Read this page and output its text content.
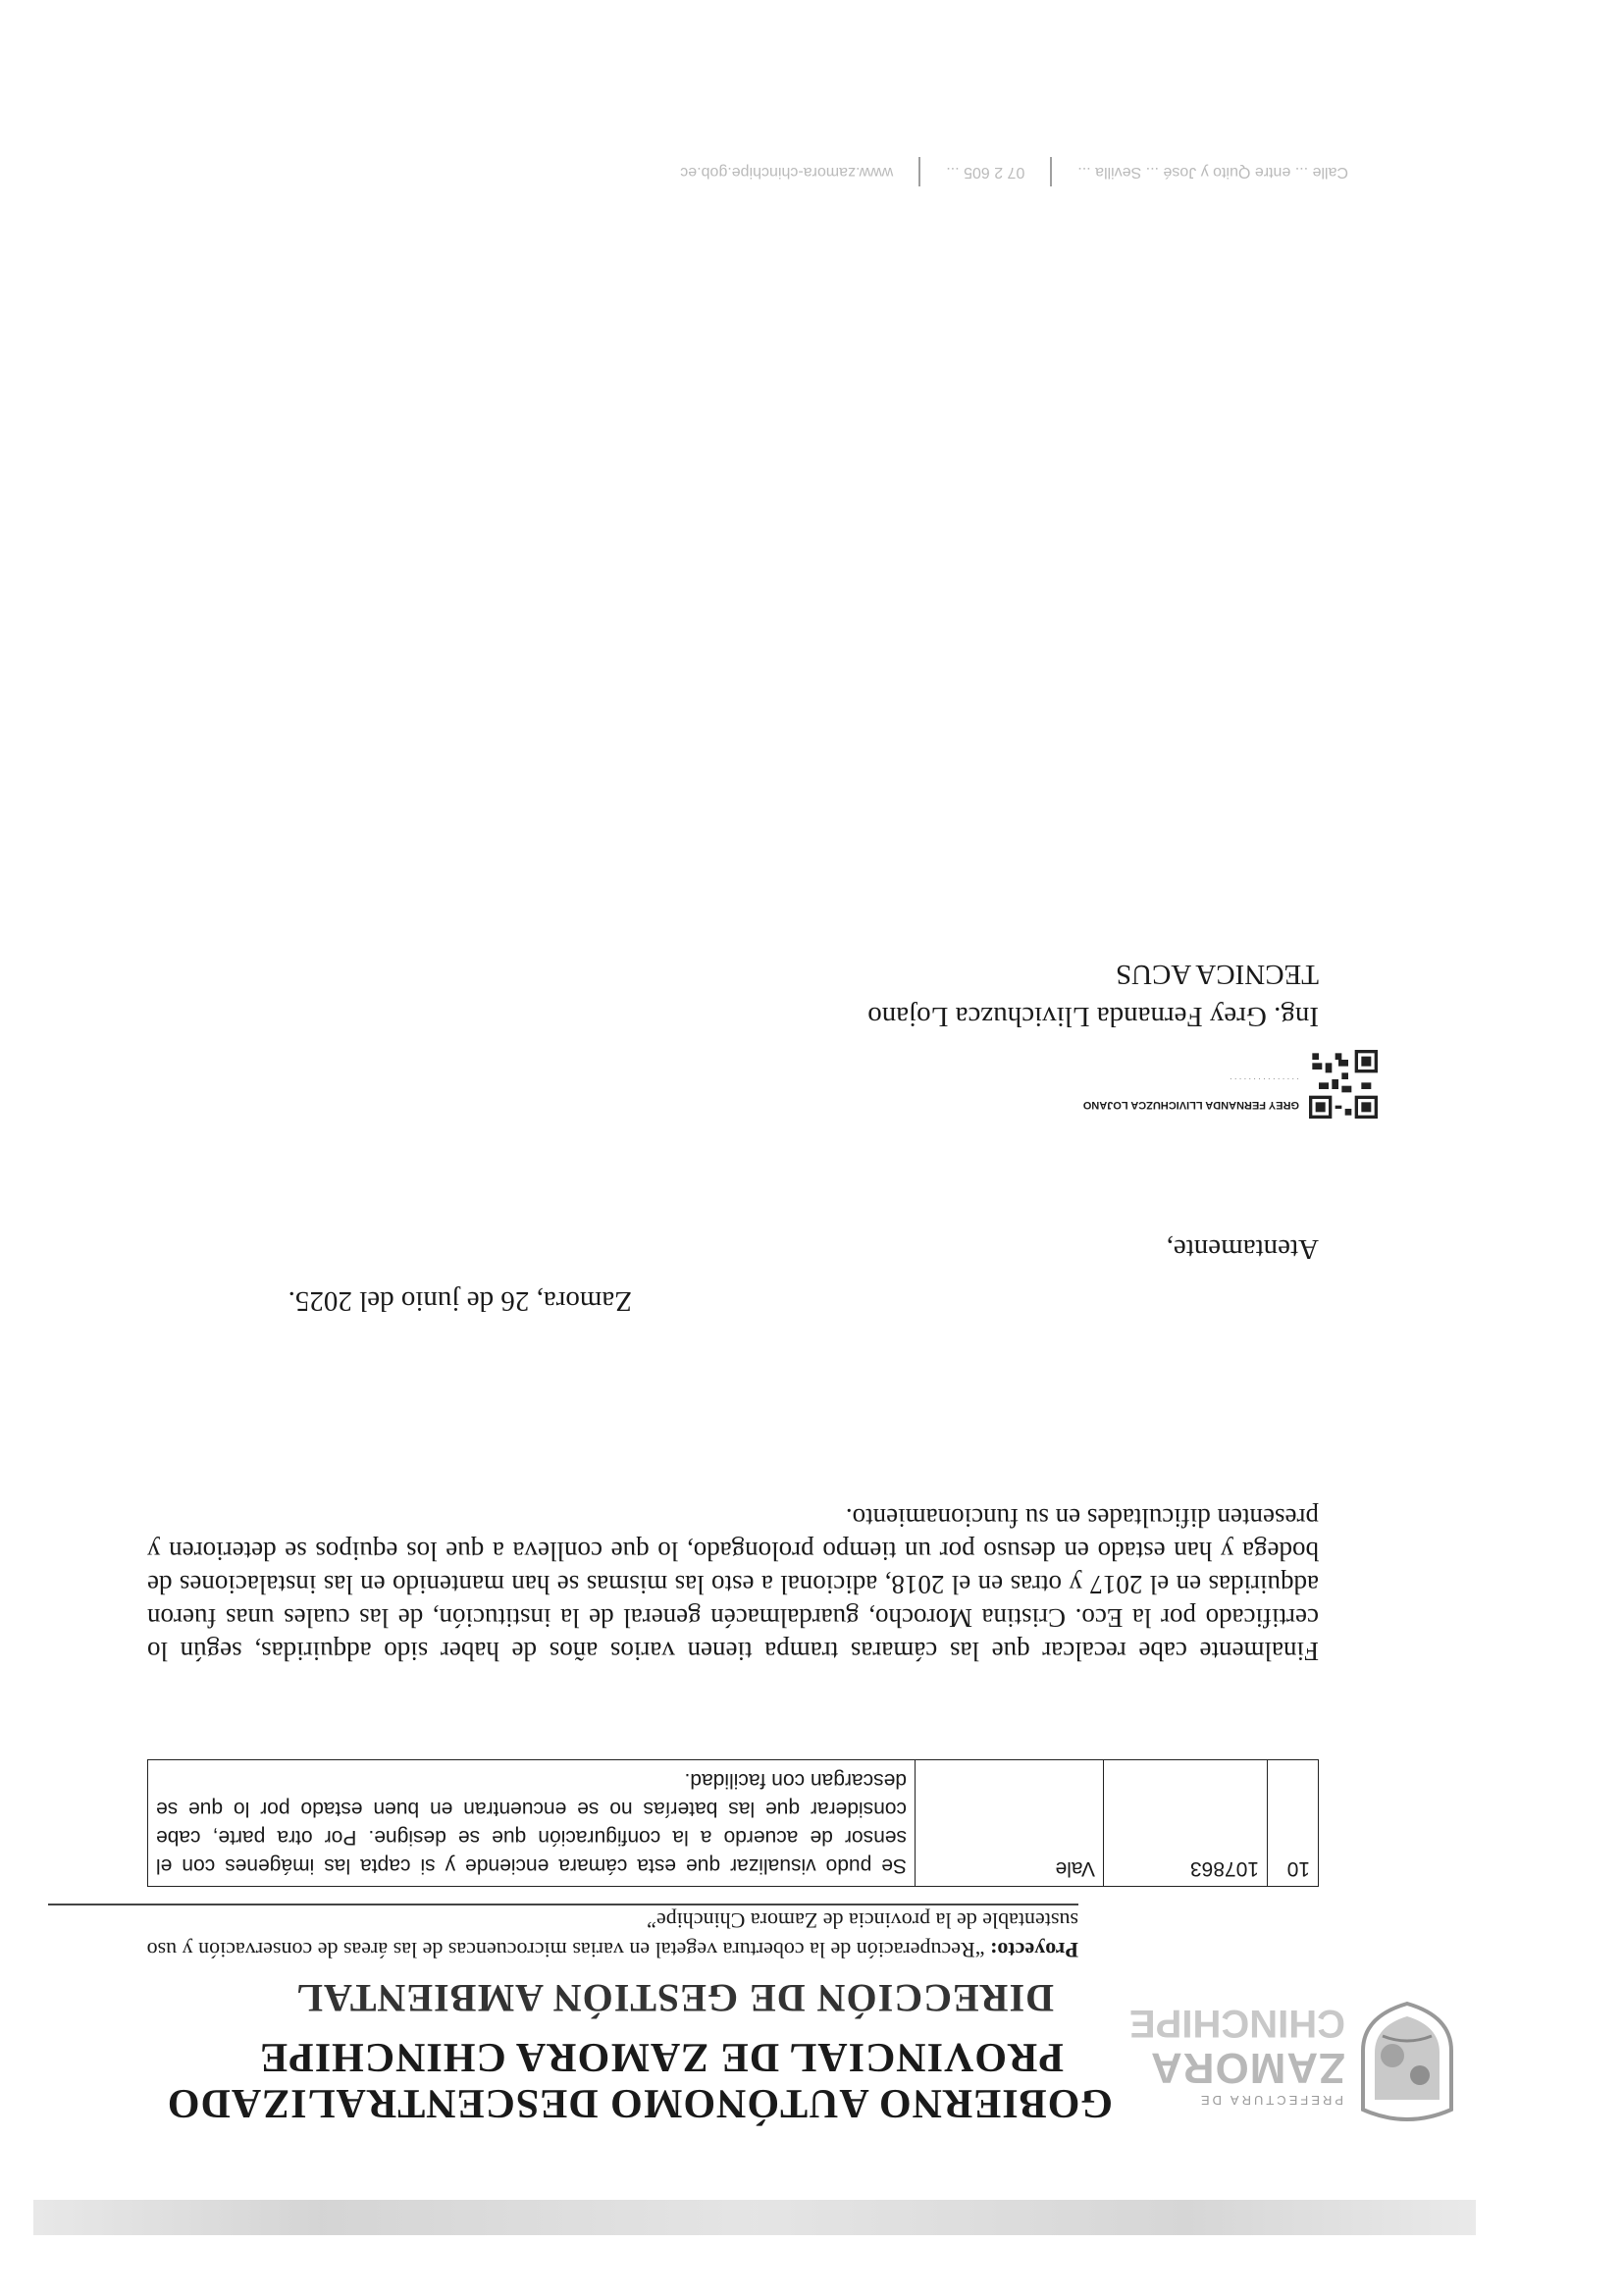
PREFECTURA DE
ZAMORA
CHINCHIPE
GOBIERNO AUTÓNOMO DESCENTRALIZADO
PROVINCIAL DE ZAMORA CHINCHIPE
DIRECCIÓN DE GESTIÓN AMBIENTAL
Proyecto: “Recuperación de la cobertura vegetal en varias microcuencas de las áreas de conservación y uso sustentable de la provincia de Zamora Chinchipe”
10	107863	Vale	Se pudo visualizar que esta cámara enciende y si capta las imágenes con el sensor de acuerdo a la configuración que se designe. Por otra parte, cabe considerar que las baterías no se encuentran en buen estado por lo que se descargan con facilidad.
Finalmente cabe recalcar que las cámaras trampa tienen varios años de haber sido adquiridas, según lo certificado por la Eco. Cristina Morocho, guardalmacén general de la institución, de las cuales unas fueron adquiridas en el 2017 y otras en el 2018, adicional a esto las mismas se han mantenido en las instalaciones de bodega y han estado en desuso por un tiempo prolongado, lo que conlleva a que los equipos se deterioren y presenten dificultades en su funcionamiento.
Zamora, 26 de junio del 2025.
Atentamente,
GREY FERNANDA LLIVICHUZCA LOJANO
· · · · · · · · · · · · · · ·
Ing. Grey Fernanda Llivichuzca Lojano
TECNICA ACUS
Calle ... entre Quito y José ... Sevilla ...
07 2 605 ...
www.zamora-chinchipe.gob.ec
